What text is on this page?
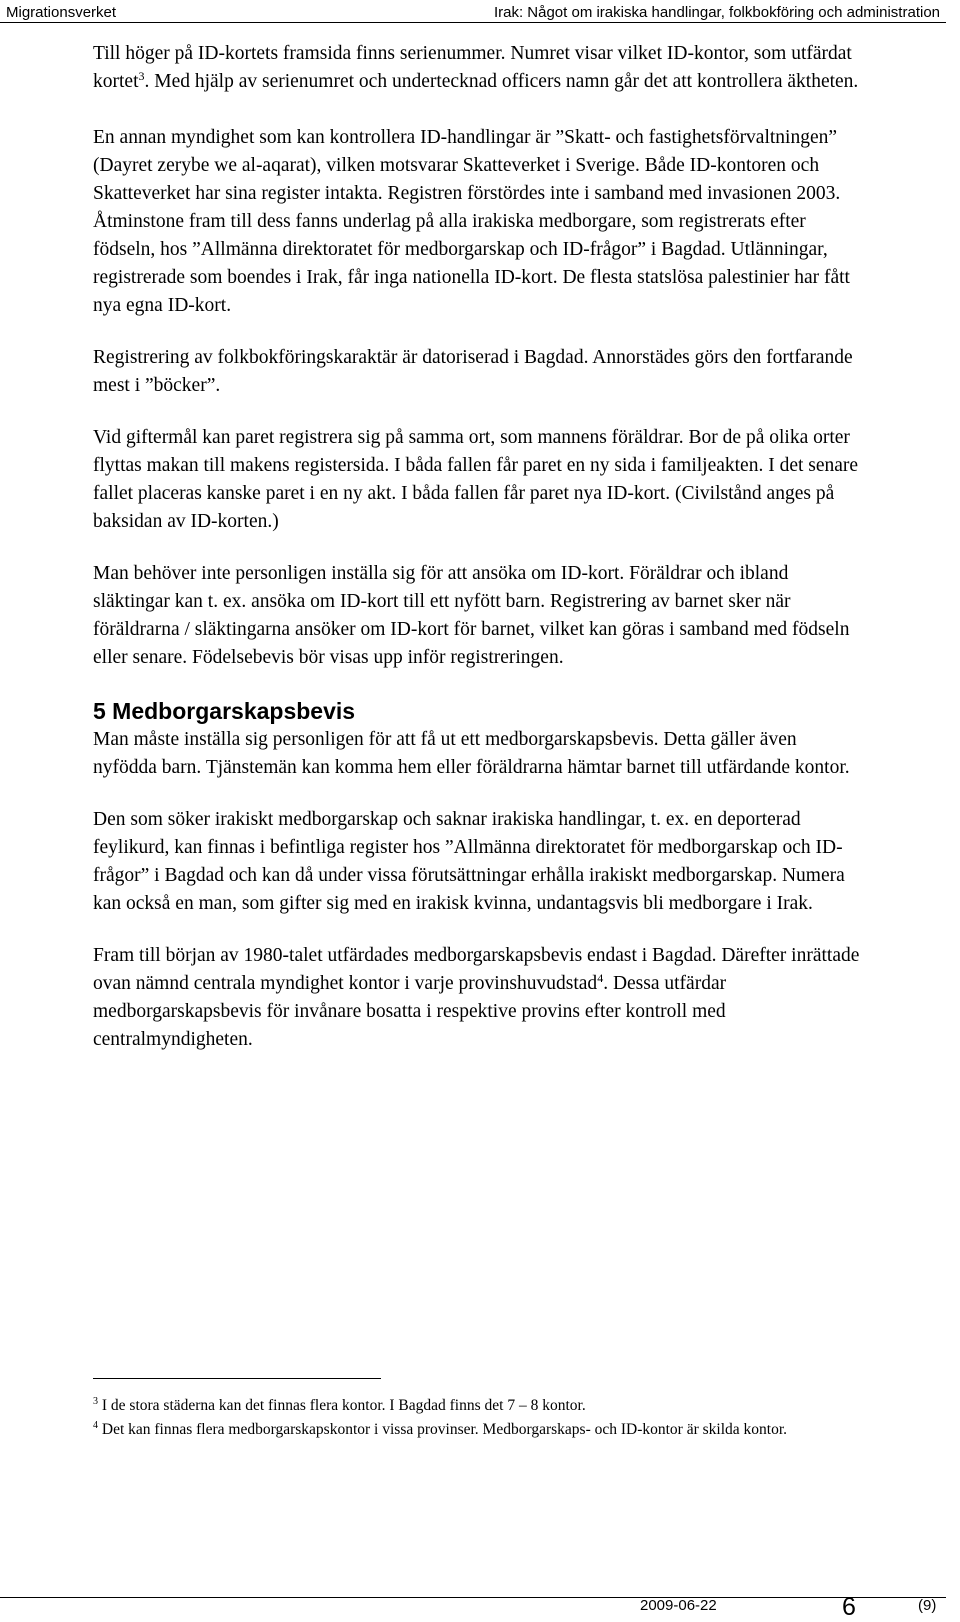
Migrationsverket	Irak: Något om irakiska handlingar, folkbokföring och administration

Till höger på ID-kortets framsida finns serienummer. Numret visar vilket ID-kontor, som utfärdat kortet$^3$. Med hjälp av serienumret och undertecknad officers namn går det att kontrollera äktheten.

En annan myndighet som kan kontrollera ID-handlingar är ”Skatt- och fastighetsförvaltningen” (Dayret zerybe we al-aqarat), vilken motsvarar Skatteverket i Sverige. Både ID-kontoren och Skatteverket har sina register intakta. Registren förstördes inte i samband med invasionen 2003. Åtminstone fram till dess fanns underlag på alla irakiska medborgare, som registrerats efter födseln, hos ”Allmänna direktoratet för medborgarskap och ID-frågor” i Bagdad. Utlänningar, registrerade som boendes i Irak, får inga nationella ID-kort. De flesta statslösa palestinier har fått nya egna ID-kort.

Registrering av folkbokföringskaraktär är datoriserad i Bagdad. Annorstädes görs den fortfarande mest i ”böcker”.

Vid giftermål kan paret registrera sig på samma ort, som mannens föräldrar. Bor de på olika orter flyttas makan till makens registersida. I båda fallen får paret en ny sida i familjeakten. I det senare fallet placeras kanske paret i en ny akt. I båda fallen får paret nya ID-kort. (Civilstånd anges på baksidan av ID-korten.)

Man behöver inte personligen inställa sig för att ansöka om ID-kort. Föräldrar och ibland släktingar kan t. ex. ansöka om ID-kort till ett nyfött barn. Registrering av barnet sker när föräldrarna / släktingarna ansöker om ID-kort för barnet, vilket kan göras i samband med födseln eller senare. Födelsebevis bör visas upp inför registreringen.

5 Medborgarskapsbevis

Man måste inställa sig personligen för att få ut ett medborgarskapsbevis. Detta gäller även nyfödda barn. Tjänstemän kan komma hem eller föräldrarna hämtar barnet till utfärdande kontor.

Den som söker irakiskt medborgarskap och saknar irakiska handlingar, t. ex. en deporterad feylikurd, kan finnas i befintliga register hos ”Allmänna direktoratet för medborgarskap och ID-frågor” i Bagdad och kan då under vissa förutsättningar erhålla irakiskt medborgarskap. Numera kan också en man, som gifter sig med en irakisk kvinna, undantagsvis bli medborgare i Irak.

Fram till början av 1980-talet utfärdades medborgarskapsbevis endast i Bagdad. Därefter inrättade ovan nämnd centrala myndighet kontor i varje provinshuvudstad$^4$. Dessa utfärdar medborgarskapsbevis för invånare bosatta i respektive provins efter kontroll med centralmyndigheten.

$^3$ I de stora städerna kan det finnas flera kontor. I Bagdad finns det 7 – 8 kontor.

$^4$ Det kan finnas flera medborgarskapskontor i vissa provinser. Medborgarskaps- och ID-kontor är skilda kontor.

2009-06-22	6	(9)
